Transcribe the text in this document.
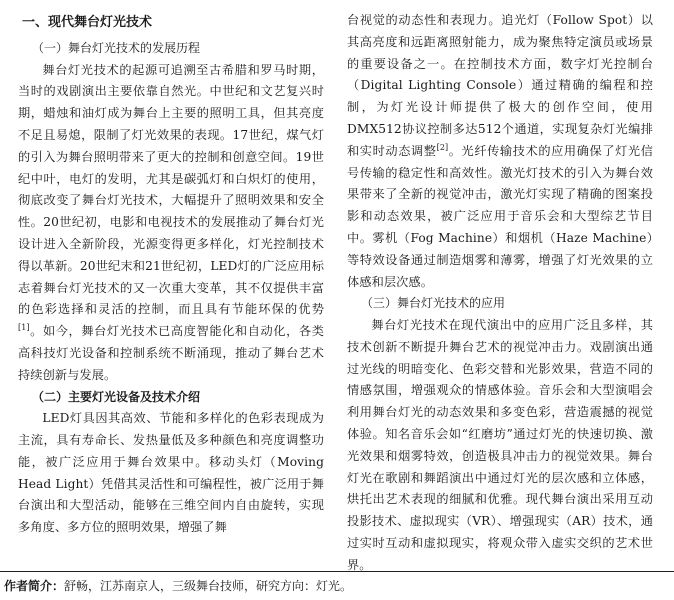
一、现代舞台灯光技术
（一）舞台灯光技术的发展历程

舞台灯光技术的起源可追溯至古希腊和罗马时期，当时的戏剧演出主要依靠自然光。中世纪和文艺复兴时期，蜡烛和油灯成为舞台上主要的照明工具，但其亮度不足且易熄，限制了灯光效果的表现。17世纪，煤气灯的引入为舞台照明带来了更大的控制和创意空间。19世纪中叶，电灯的发明，尤其是碳弧灯和白炽灯的使用，彻底改变了舞台灯光技术，大幅提升了照明效果和安全性。20世纪初，电影和电视技术的发展推动了舞台灯光设计进入全新阶段，光源变得更多样化，灯光控制技术得以革新。20世纪末和21世纪初，LED灯的广泛应用标志着舞台灯光技术的又一次重大变革，其不仅提供丰富的色彩选择和灵活的控制，而且具有节能环保的优势[1]。如今，舞台灯光技术已高度智能化和自动化，各类高科技灯光设备和控制系统不断涌现，推动了舞台艺术持续创新与发展。

（二）主要灯光设备及技术介绍

LED灯具因其高效、节能和多样化的色彩表现成为主流，具有寿命长、发热量低及多种颜色和亮度调整功能，被广泛应用于舞台效果中。移动头灯（Moving Head Light）凭借其灵活性和可编程性，被广泛用于舞台演出和大型活动，能够在三维空间内自由旋转，实现多角度、多方位的照明效果，增强了舞

台视觉的动态性和表现力。追光灯（Follow Spot）以其高亮度和远距离照射能力，成为聚焦特定演员或场景的重要设备之一。在控制技术方面，数字灯光控制台（Digital Lighting Console）通过精确的编程和控制，为灯光设计师提供了极大的创作空间，使用DMX512协议控制多达512个通道，实现复杂灯光编排和实时动态调整[2]。光纤传输技术的应用确保了灯光信号传输的稳定性和高效性。激光灯技术的引入为舞台效果带来了全新的视觉冲击，激光灯实现了精确的图案投影和动态效果，被广泛应用于音乐会和大型综艺节目中。雾机（Fog Machine）和烟机（Haze Machine）等特效设备通过制造烟雾和薄雾，增强了灯光效果的立体感和层次感。

（三）舞台灯光技术的应用

舞台灯光技术在现代演出中的应用广泛且多样，其技术创新不断提升舞台艺术的视觉冲击力。戏剧演出通过光线的明暗变化、色彩交替和光影效果，营造不同的情感氛围，增强观众的情感体验。音乐会和大型演唱会利用舞台灯光的动态效果和多变色彩，营造震撼的视觉体验。知名音乐会如“红磨坊”通过灯光的快速切换、激光效果和烟雾特效，创造极具冲击力的视觉效果。舞台灯光在歌剧和舞蹈演出中通过灯光的层次感和立体感，烘托出艺术表现的细腻和优雅。现代舞台演出采用互动投影技术、虚拟现实（VR）、增强现实（AR）技术，通过实时互动和虚拟现实，将观众带入虚实交织的艺术世界。

作者简介：舒畅，江苏南京人，三级舞台技师，研究方向：灯光。
